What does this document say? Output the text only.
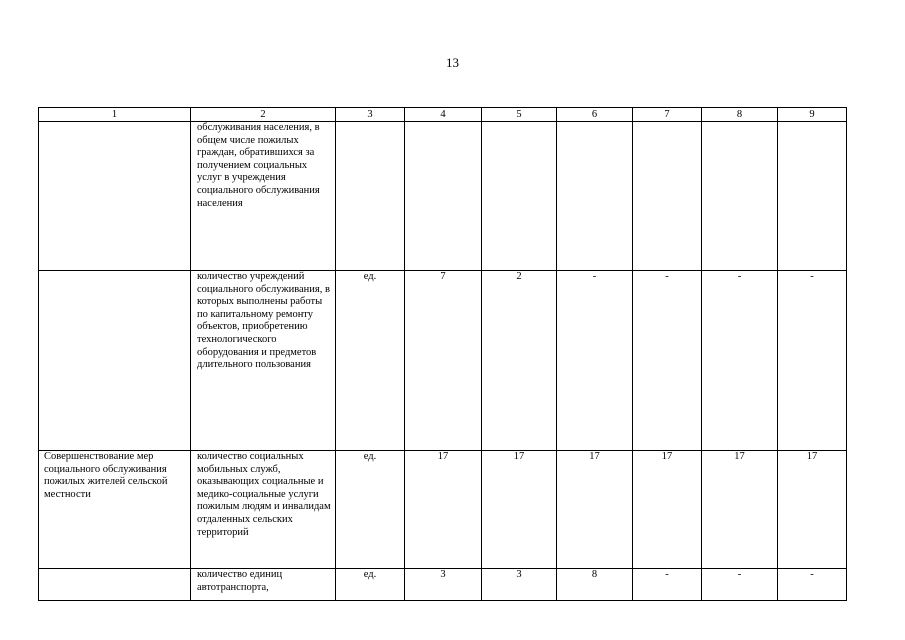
13
1	2	3	4	5	6	7	8	9
	обслуживания населения, в общем числе пожилых граждан, обратившихся за получением социальных услуг в учреждения социального обслуживания населения							
	количество учреждений социального обслуживания, в которых выполнены работы по капитальному ремонту объектов, приобретению технологического оборудования и предметов длительного пользования	ед.	7	2	-	-	-	-
Совершенствование мер социального обслуживания пожилых жителей сельской местности	количество социальных мобильных служб, оказывающих социальные и медико-социальные услуги пожилым людям и инвалидам отдаленных сельских территорий	ед.	17	17	17	17	17	17
	количество единиц автотранспорта,	ед.	3	3	8	-	-	-
